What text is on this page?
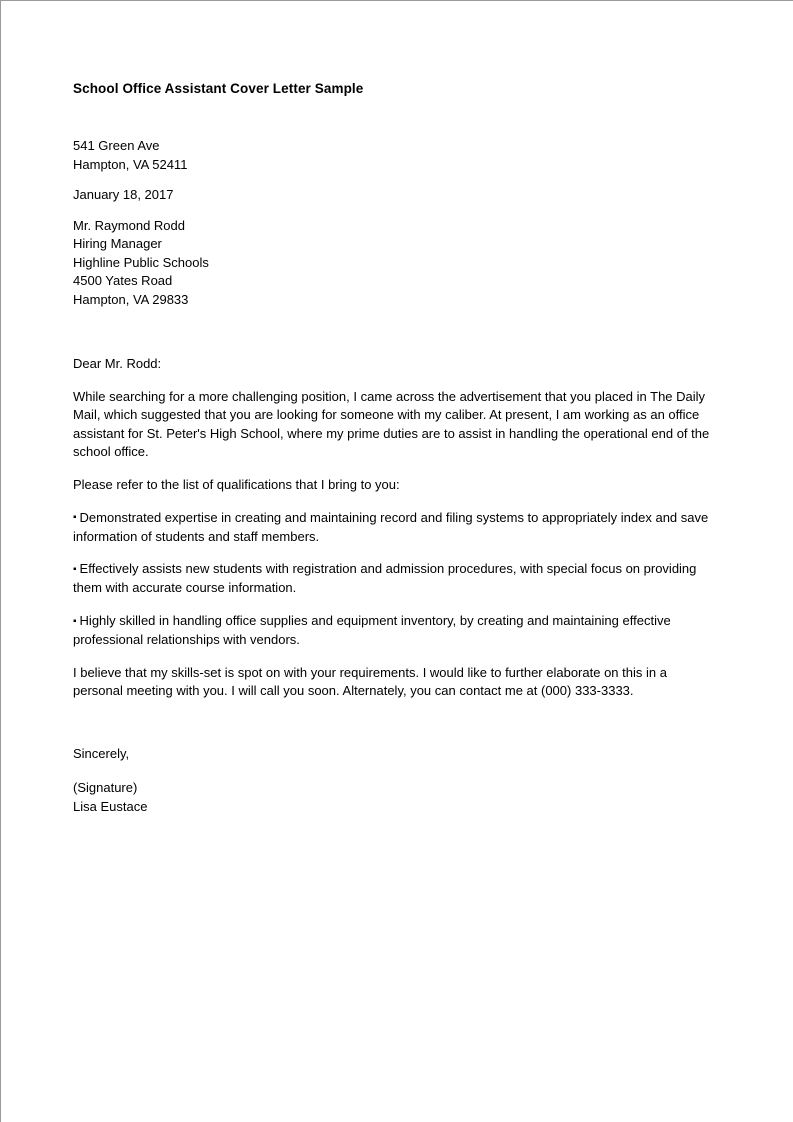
School Office Assistant Cover Letter Sample
541 Green Ave
Hampton, VA 52411
January 18, 2017
Mr. Raymond Rodd
Hiring Manager
Highline Public Schools
4500 Yates Road
Hampton, VA 29833

Dear Mr. Rodd:

While searching for a more challenging position, I came across the advertisement that you placed in The Daily Mail, which suggested that you are looking for someone with my caliber. At present, I am working as an office assistant for St. Peter's High School, where my prime duties are to assist in handling the operational end of the school office.

Please refer to the list of qualifications that I bring to you:

▪ Demonstrated expertise in creating and maintaining record and filing systems to appropriately index and save information of students and staff members.

▪ Effectively assists new students with registration and admission procedures, with special focus on providing them with accurate course information.

▪ Highly skilled in handling office supplies and equipment inventory, by creating and maintaining effective professional relationships with vendors.

I believe that my skills-set is spot on with your requirements. I would like to further elaborate on this in a personal meeting with you. I will call you soon. Alternately, you can contact me at (000) 333-3333.

Sincerely,

(Signature)
Lisa Eustace
